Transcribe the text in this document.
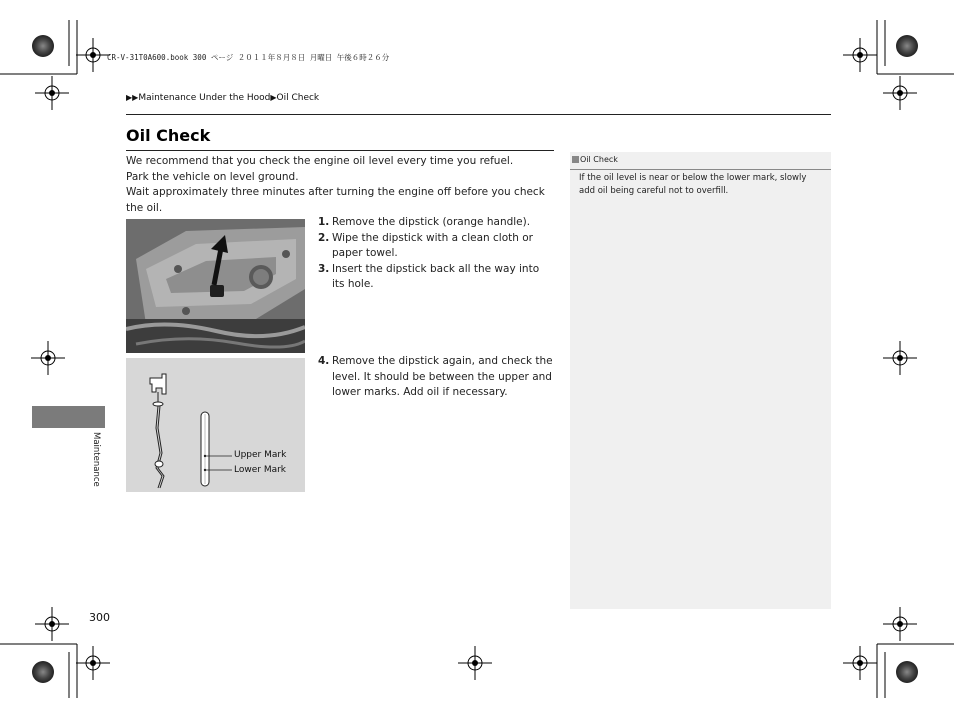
CR-V-31T0A600.book 300 ページ ２０１１年８月８日 月曜日 午後６時２６分
▶▶Maintenance Under the Hood▶Oil Check
Oil Check

We recommend that you check the engine oil level every time you refuel.

Park the vehicle on level ground.

Wait approximately three minutes after turning the engine off before you check the oil.

Upper Mark
Lower Mark

1. Remove the dipstick (orange handle).

2. Wipe the dipstick with a clean cloth or paper towel.

3. Insert the dipstick back all the way into its hole.

4. Remove the dipstick again, and check the level. It should be between the upper and lower marks. Add oil if necessary.

Oil Check
If the oil level is near or below the lower mark, slowly add oil being careful not to overfill.
Maintenance
300
